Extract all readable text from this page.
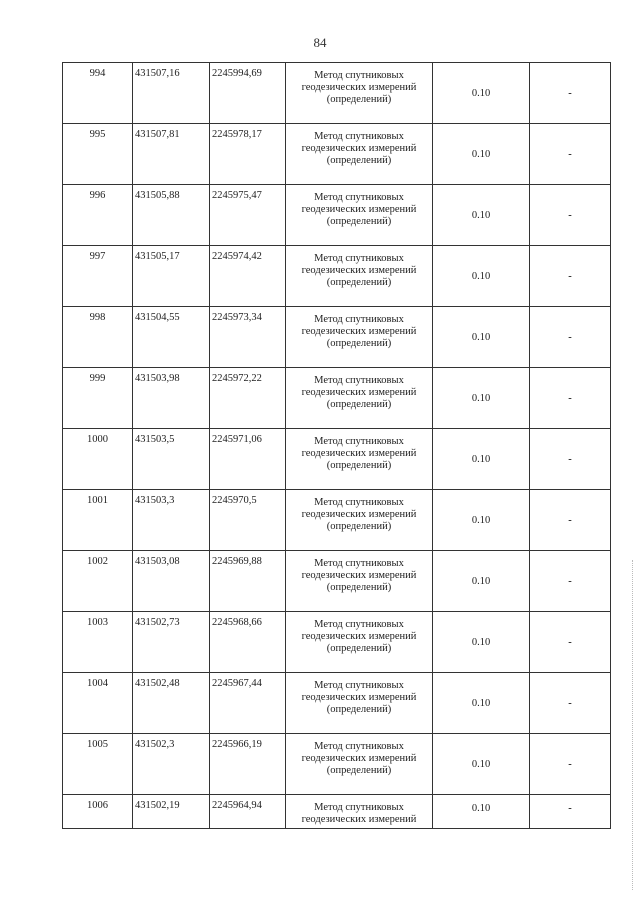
84
994	431507,16	2245994,69	Метод спутниковых
геодезических измерений
(определений)	0.10	-
995	431507,81	2245978,17	Метод спутниковых
геодезических измерений
(определений)	0.10	-
996	431505,88	2245975,47	Метод спутниковых
геодезических измерений
(определений)	0.10	-
997	431505,17	2245974,42	Метод спутниковых
геодезических измерений
(определений)	0.10	-
998	431504,55	2245973,34	Метод спутниковых
геодезических измерений
(определений)	0.10	-
999	431503,98	2245972,22	Метод спутниковых
геодезических измерений
(определений)	0.10	-
1000	431503,5	2245971,06	Метод спутниковых
геодезических измерений
(определений)	0.10	-
1001	431503,3	2245970,5	Метод спутниковых
геодезических измерений
(определений)	0.10	-
1002	431503,08	2245969,88	Метод спутниковых
геодезических измерений
(определений)	0.10	-
1003	431502,73	2245968,66	Метод спутниковых
геодезических измерений
(определений)	0.10	-
1004	431502,48	2245967,44	Метод спутниковых
геодезических измерений
(определений)	0.10	-
1005	431502,3	2245966,19	Метод спутниковых
геодезических измерений
(определений)	0.10	-
1006	431502,19	2245964,94	Метод спутниковых
геодезических измерений	0.10	-
